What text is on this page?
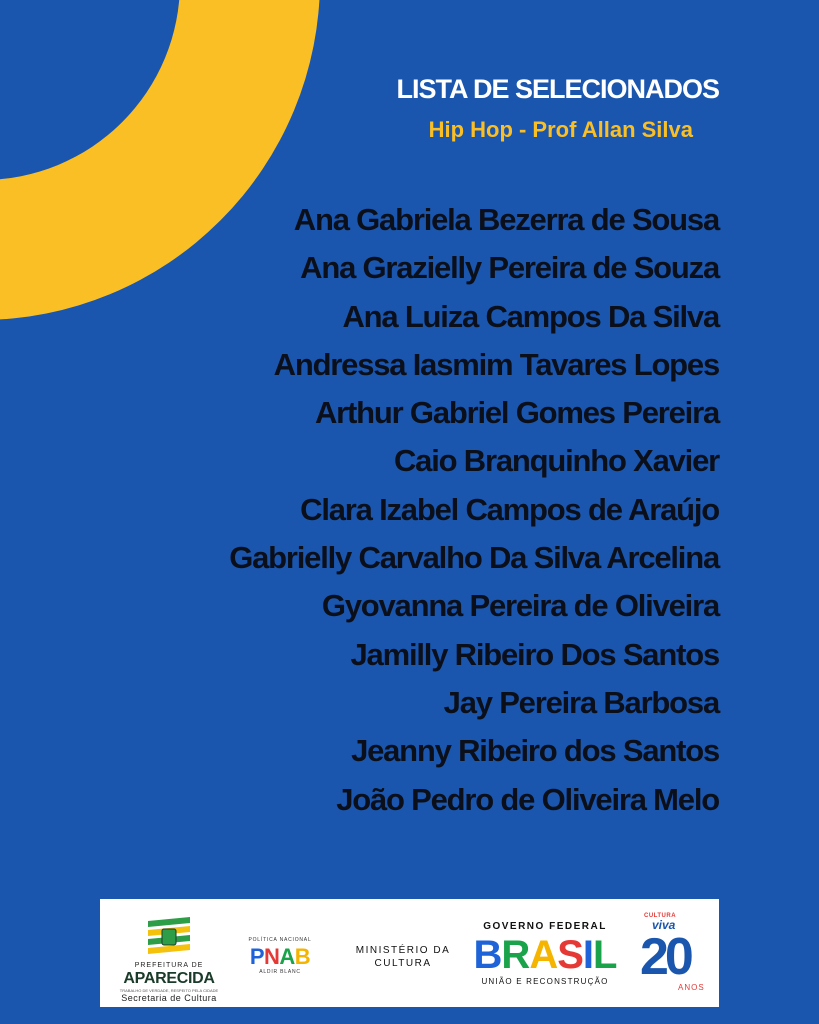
LISTA DE SELECIONADOS
Hip Hop - Prof Allan Silva
Ana Gabriela Bezerra de Sousa
Ana Grazielly Pereira de Souza
Ana Luiza Campos Da Silva
Andressa Iasmim Tavares Lopes
Arthur Gabriel Gomes Pereira
Caio Branquinho Xavier
Clara Izabel Campos de Araújo
Gabrielly Carvalho Da Silva Arcelina
Gyovanna Pereira de Oliveira
Jamilly Ribeiro Dos Santos
Jay Pereira Barbosa
Jeanny Ribeiro dos Santos
João Pedro de Oliveira Melo
PREFEITURA DE
APARECIDA
TRABALHO DE VERDADE, RESPEITO PELA CIDADE
Secretaria de Cultura
POLÍTICA NACIONAL
PNAB
ALDIR BLANC
MINISTÉRIO DA
CULTURA
GOVERNO FEDERAL
BRASIL
UNIÃO E RECONSTRUÇÃO
CULTURA
viva
20
ANOS
